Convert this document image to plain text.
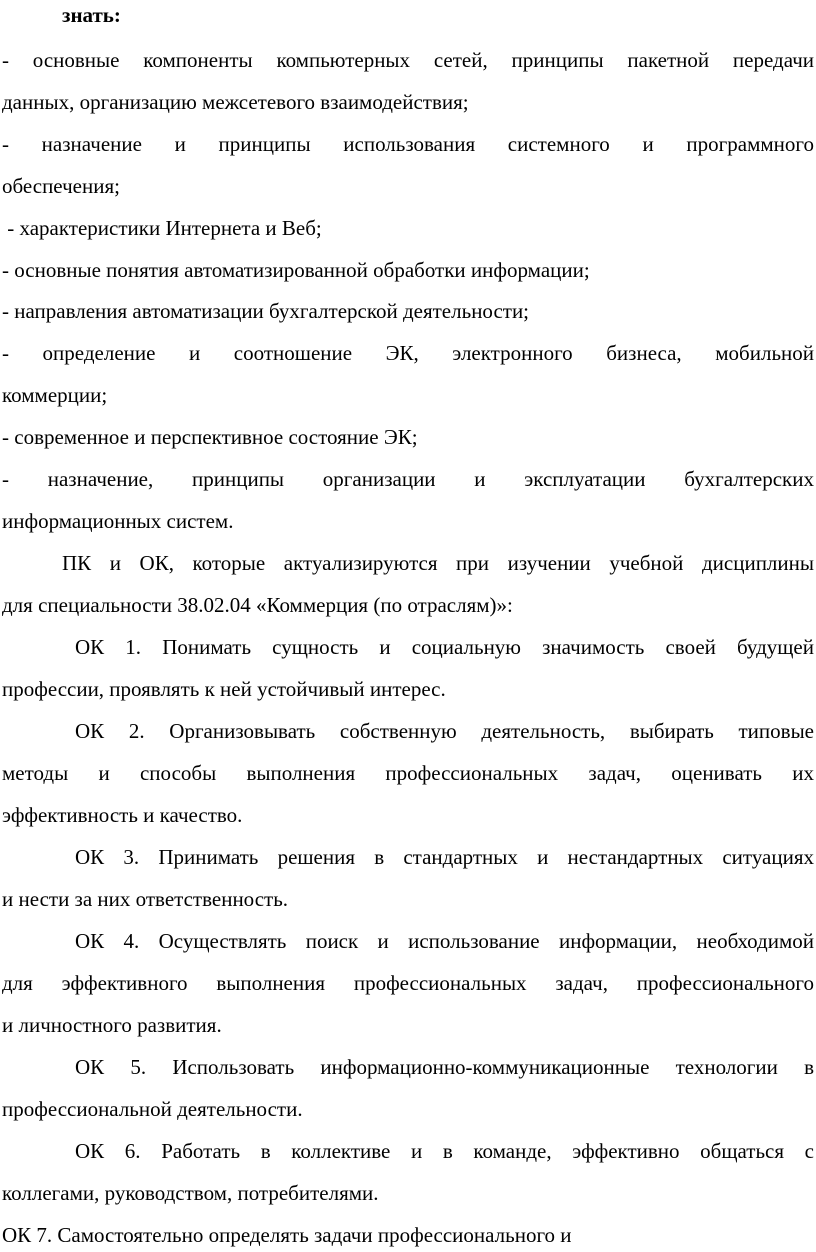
знать:
- основные компоненты компьютерных сетей, принципы пакетной передачи
данных, организацию межсетевого взаимодействия;
- назначение и принципы использования системного и программного
обеспечения;
- характеристики Интернета и Веб;
- основные понятия автоматизированной обработки информации;
- направления автоматизации бухгалтерской деятельности;
- определение и соотношение ЭК, электронного бизнеса, мобильной
коммерции;
- современное и перспективное состояние ЭК;
- назначение, принципы организации и эксплуатации бухгалтерских
информационных систем.
ПК и ОК, которые актуализируются при изучении учебной дисциплины
для специальности 38.02.04 «Коммерция (по отраслям)»:
ОК 1. Понимать сущность и социальную значимость своей будущей
профессии, проявлять к ней устойчивый интерес.
ОК 2. Организовывать собственную деятельность, выбирать типовые
методы и способы выполнения профессиональных задач, оценивать их
эффективность и качество.
ОК 3. Принимать решения в стандартных и нестандартных ситуациях
и нести за них ответственность.
ОК 4. Осуществлять поиск и использование информации, необходимой
для эффективного выполнения профессиональных задач, профессионального
и личностного развития.
ОК 5. Использовать информационно-коммуникационные технологии в
профессиональной деятельности.
ОК 6. Работать в коллективе и в команде, эффективно общаться с
коллегами, руководством, потребителями.
ОК 7. Самостоятельно определять задачи профессионального и
